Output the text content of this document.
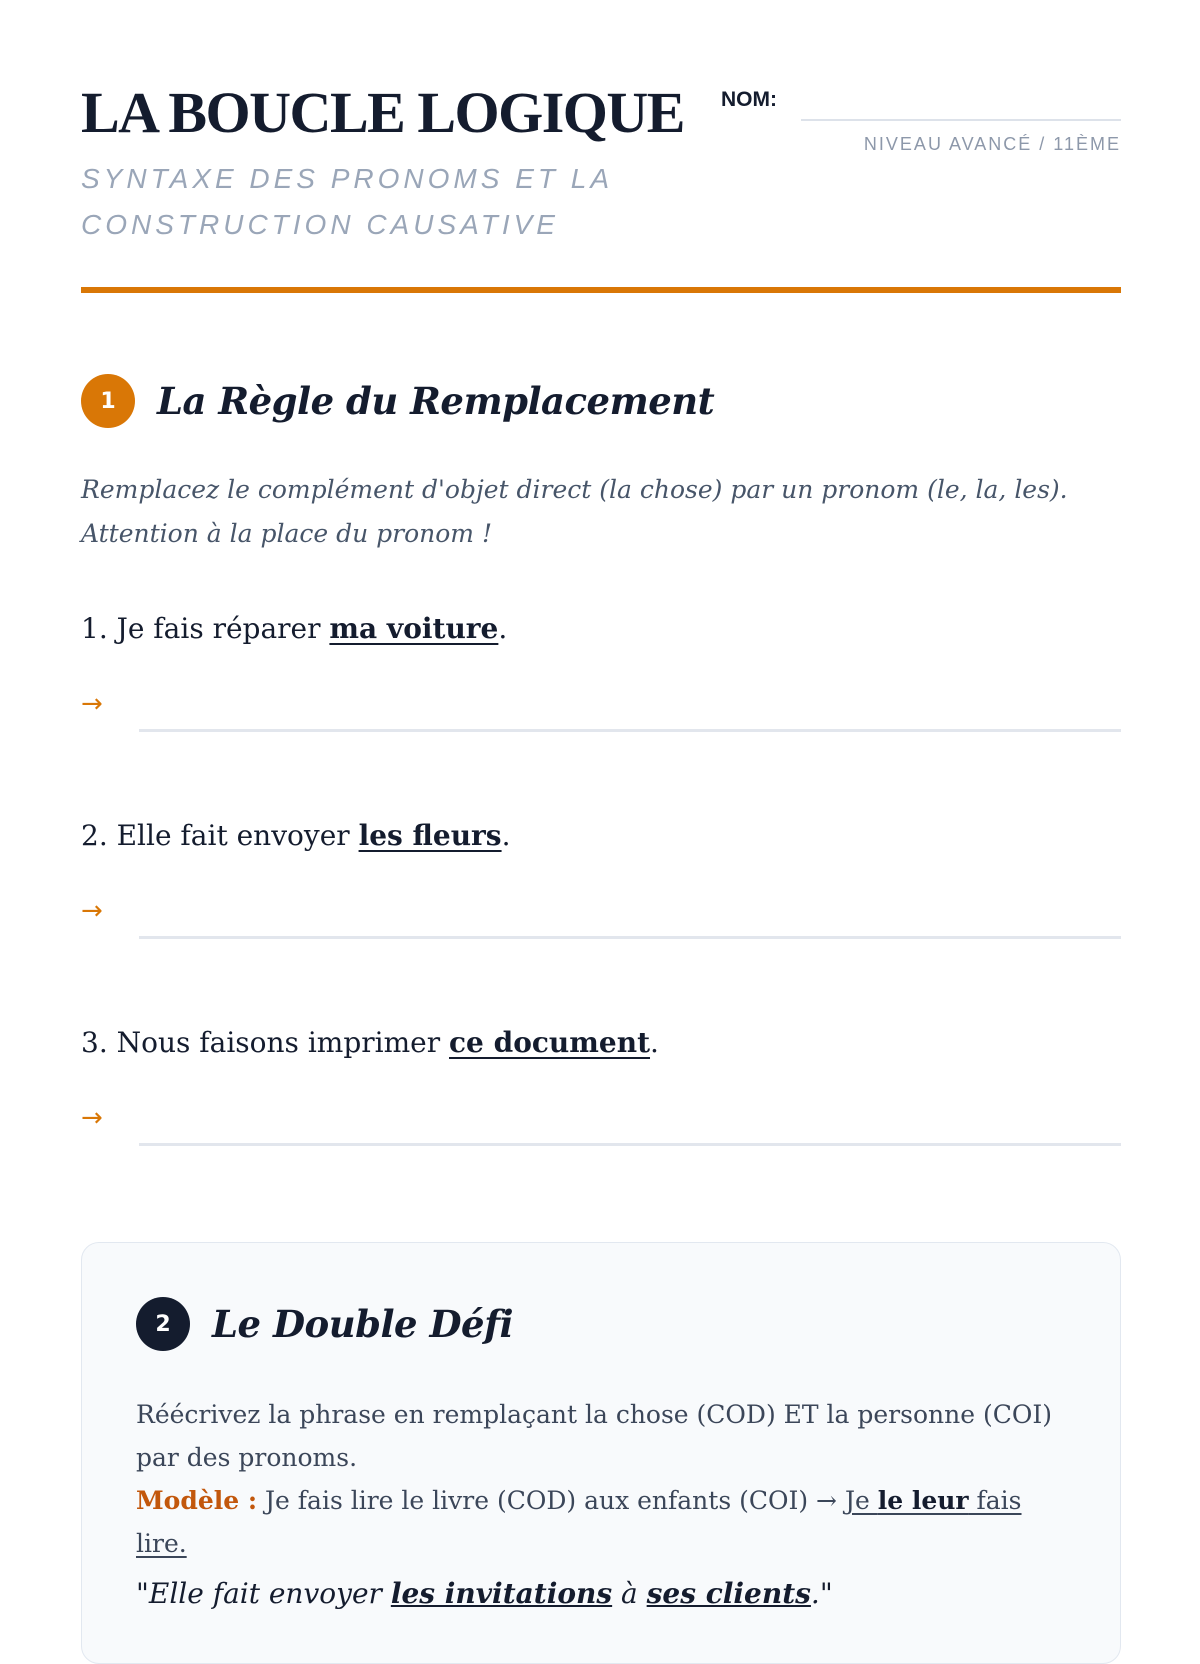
LA BOUCLE LOGIQUE

SYNTAXE DES PRONOMS ET LA CONSTRUCTION CAUSATIVE

NOM:
NIVEAU AVANCÉ / 11ÈME
1	La Règle du Remplacement

Remplacez le complément d'objet direct (la chose) par un pronom (le, la, les). Attention à la place du pronom !

1. Je fais réparer ma voiture.

→

2. Elle fait envoyer les fleurs.

→

3. Nous faisons imprimer ce document.

→
2	Le Double Défi

Réécrivez la phrase en remplaçant la chose (COD) ET la personne (COI) par des pronoms.

Modèle : Je fais lire le livre (COD) aux enfants (COI) → Je le leur fais lire.

"Elle fait envoyer les invitations à ses clients."
